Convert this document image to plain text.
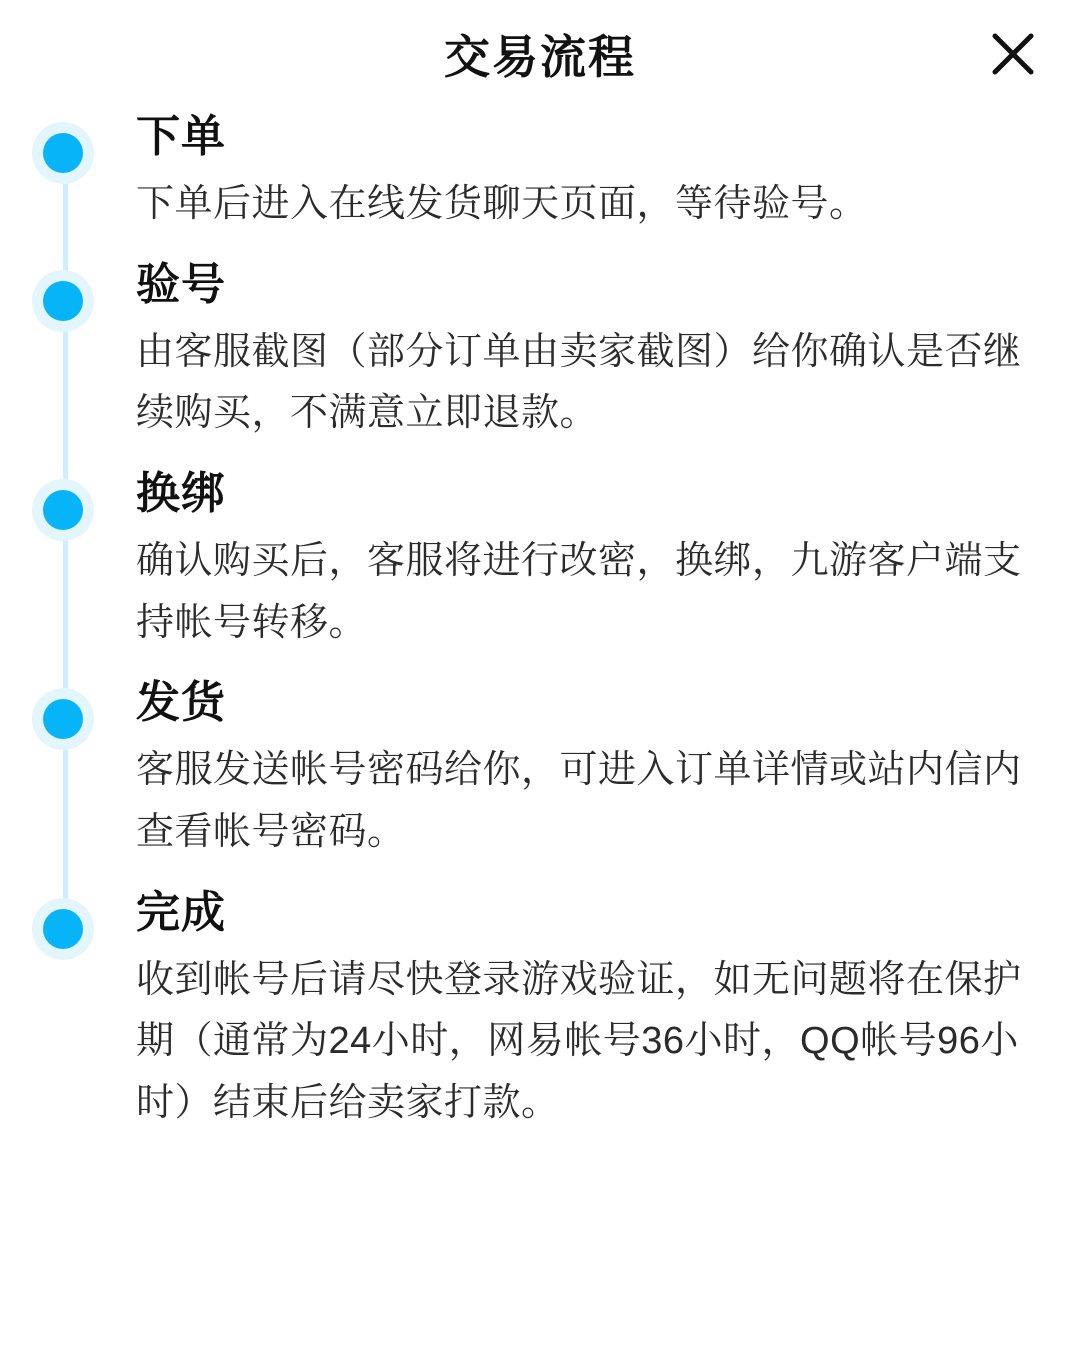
交易流程
下单
下单后进入在线发货聊天页面，等待验号。
验号
由客服截图（部分订单由卖家截图）给你确认是否继续购买，不满意立即退款。
换绑
确认购买后，客服将进行改密，换绑，九游客户端支持帐号转移。
发货
客服发送帐号密码给你，可进入订单详情或站内信内查看帐号密码。
完成
收到帐号后请尽快登录游戏验证，如无问题将在保护期（通常为24小时，网易帐号36小时，QQ帐号96小时）结束后给卖家打款。
